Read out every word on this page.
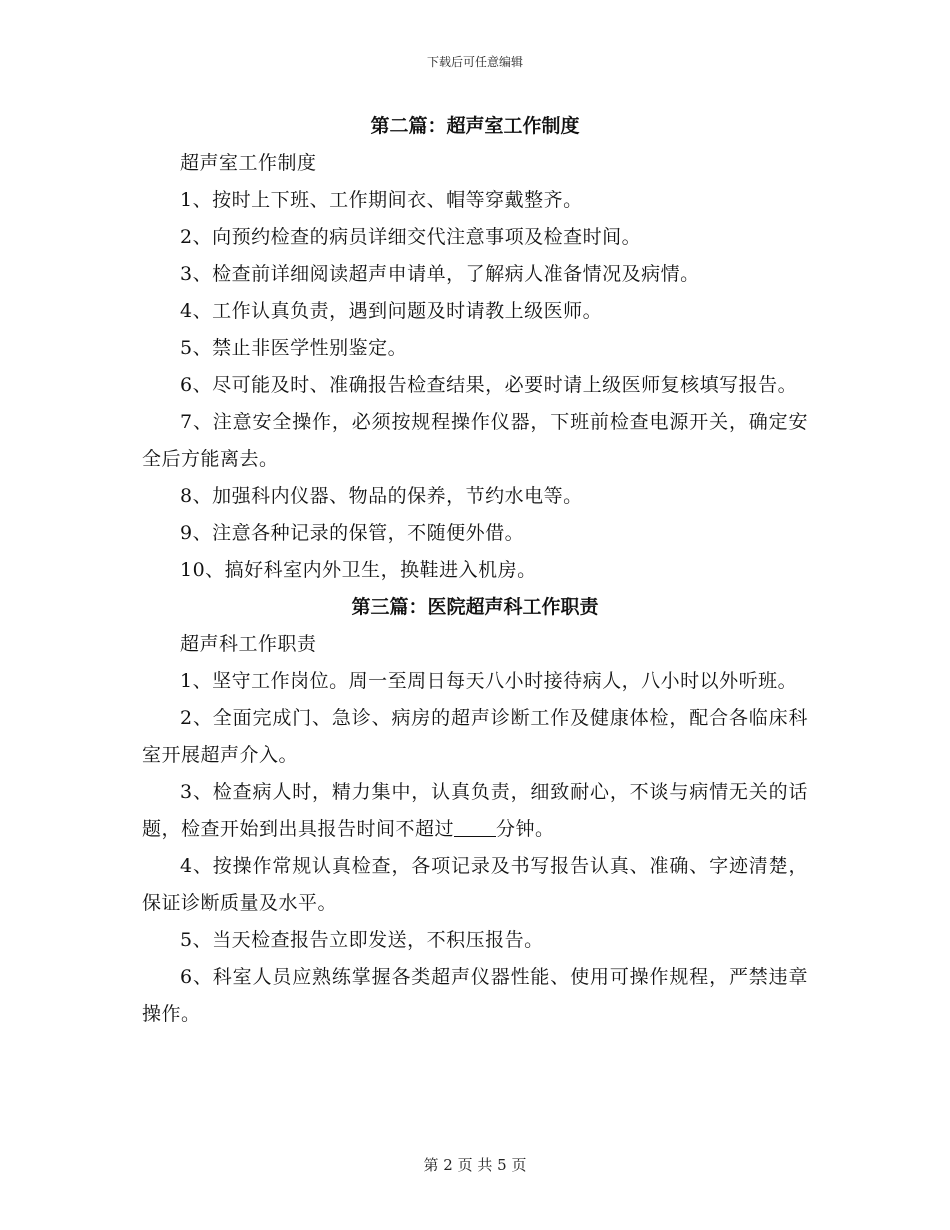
下载后可任意编辑

第二篇：超声室工作制度

超声室工作制度

1、按时上下班、工作期间衣、帽等穿戴整齐。

2、向预约检查的病员详细交代注意事项及检查时间。

3、检查前详细阅读超声申请单，了解病人准备情况及病情。

4、工作认真负责，遇到问题及时请教上级医师。

5、禁止非医学性别鉴定。

6、尽可能及时、准确报告检查结果，必要时请上级医师复核填写报告。

7、注意安全操作，必须按规程操作仪器，下班前检查电源开关，确定安全后方能离去。

8、加强科内仪器、物品的保养，节约水电等。

9、注意各种记录的保管，不随便外借。

10、搞好科室内外卫生，换鞋进入机房。

第三篇：医院超声科工作职责

超声科工作职责

1、坚守工作岗位。周一至周日每天八小时接待病人，八小时以外听班。

2、全面完成门、急诊、病房的超声诊断工作及健康体检，配合各临床科室开展超声介入。

3、检查病人时，精力集中，认真负责，细致耐心，不谈与病情无关的话题，检查开始到出具报告时间不超过 分钟。

4、按操作常规认真检查，各项记录及书写报告认真、准确、字迹清楚，保证诊断质量及水平。

5、当天检查报告立即发送，不积压报告。

6、科室人员应熟练掌握各类超声仪器性能、使用可操作规程，严禁违章操作。

第 2 页 共 5 页
